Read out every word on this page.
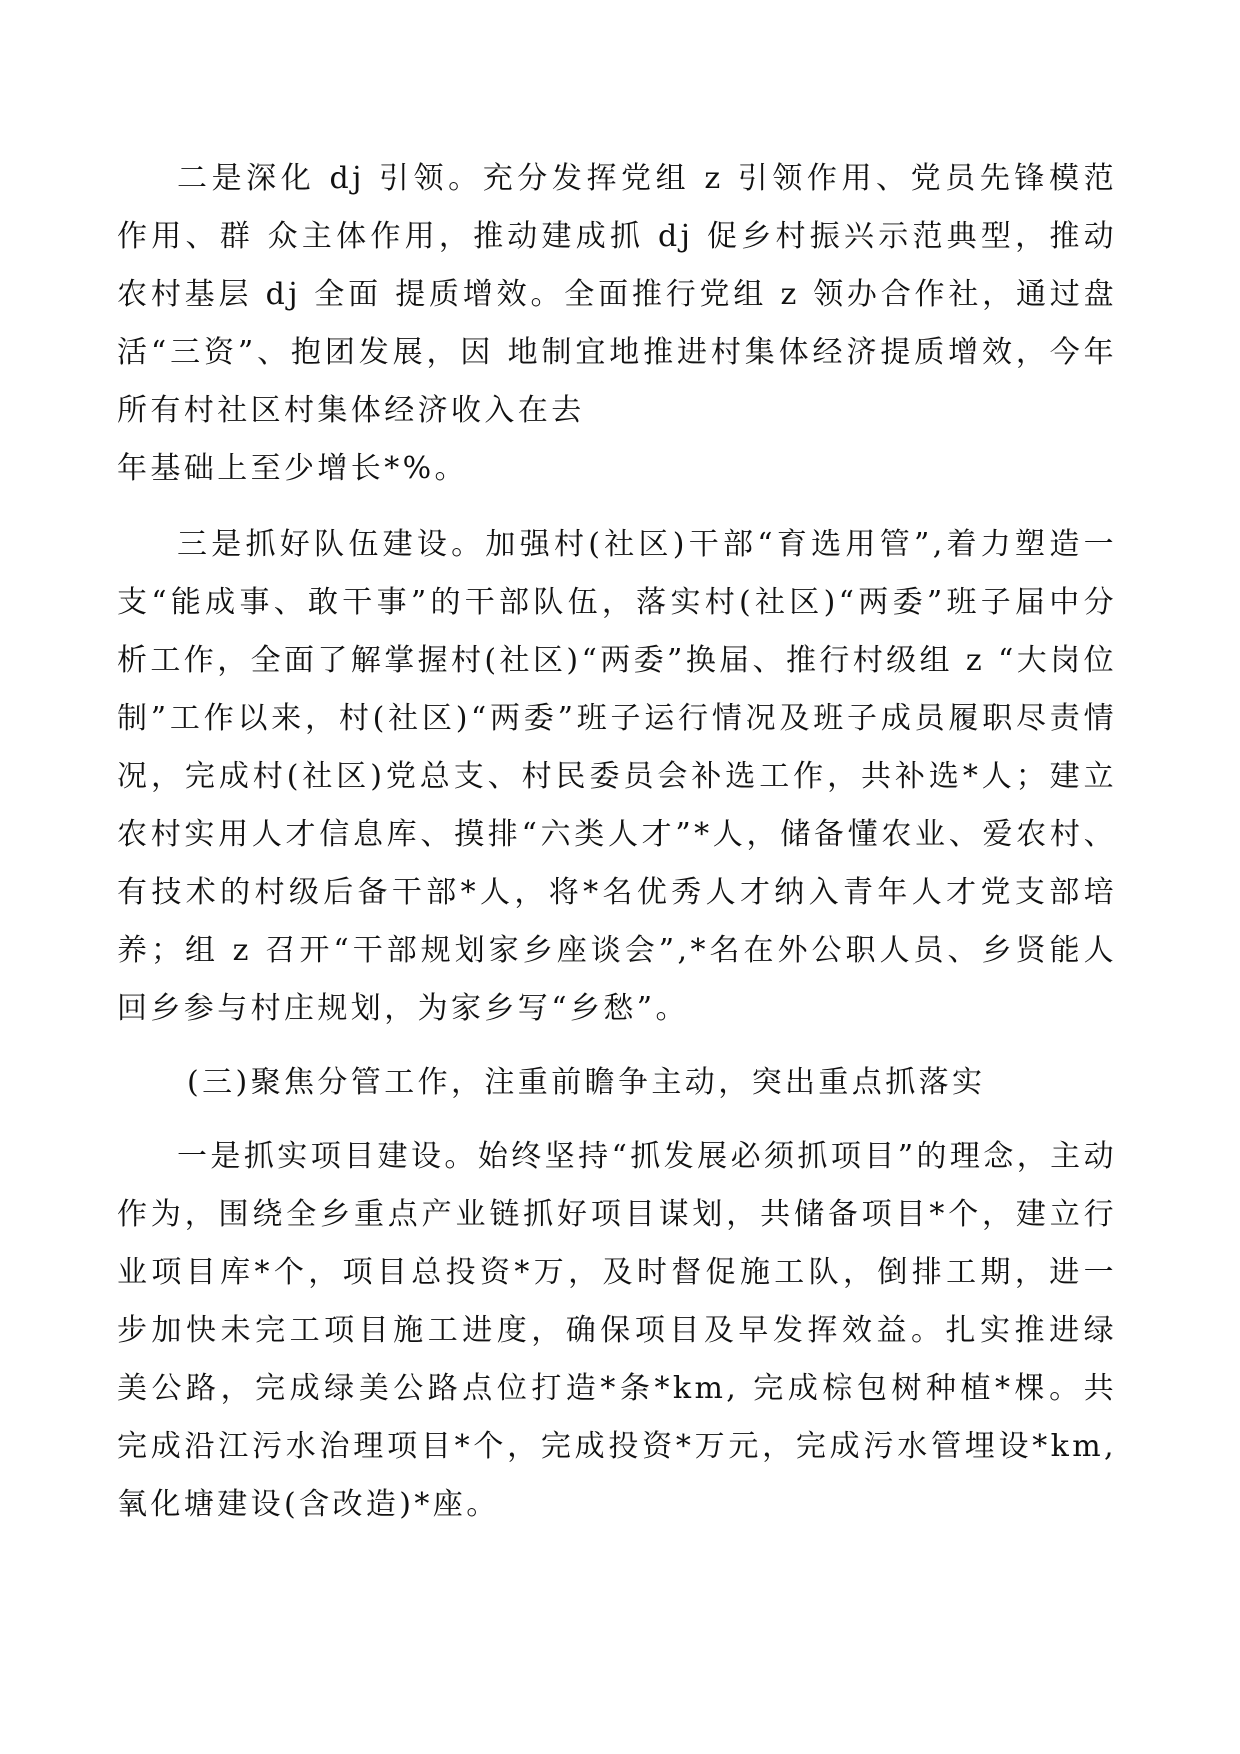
二是深化 dj 引领。充分发挥党组 z 引领作用、党员先锋模范作用、群 众主体作用，推动建成抓 dj 促乡村振兴示范典型，推动农村基层 dj 全面 提质增效。全面推行党组 z 领办合作社，通过盘活“三资”、抱团发展，因 地制宜地推进村集体经济提质增效，今年所有村社区村集体经济收入在去

年基础上至少增长*%。

三是抓好队伍建设。加强村(社区)干部“育选用管”,着力塑造一支“能成事、敢干事”的干部队伍，落实村(社区)“两委”班子届中分析工作，全面了解掌握村(社区)“两委”换届、推行村级组 z “大岗位制”工作以来，村(社区)“两委”班子运行情况及班子成员履职尽责情况，完成村(社区)党总支、村民委员会补选工作，共补选*人；建立农村实用人才信息库、摸排“六类人才”*人，储备懂农业、爱农村、有技术的村级后备干部*人，将*名优秀人才纳入青年人才党支部培养；组 z 召开“干部规划家乡座谈会”,*名在外公职人员、乡贤能人回乡参与村庄规划，为家乡写“乡愁”。

(三)聚焦分管工作，注重前瞻争主动，突出重点抓落实

一是抓实项目建设。始终坚持“抓发展必须抓项目”的理念，主动作为，围绕全乡重点产业链抓好项目谋划，共储备项目*个，建立行业项目库*个，项目总投资*万，及时督促施工队，倒排工期，进一步加快未完工项目施工进度，确保项目及早发挥效益。扎实推进绿美公路，完成绿美公路点位打造*条*km, 完成棕包树种植*棵。共完成沿江污水治理项目*个，完成投资*万元，完成污水管埋设*km, 氧化塘建设(含改造)*座。
